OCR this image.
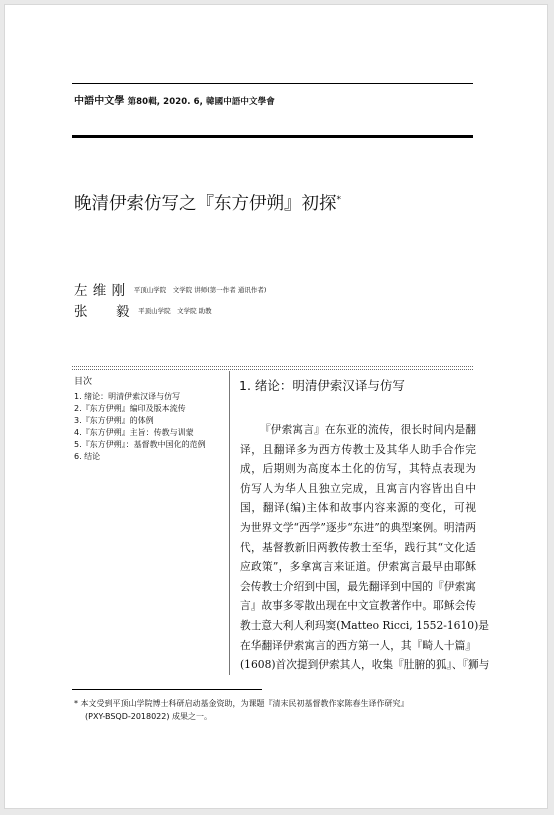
中語中文學 第80輯, 2020. 6, 韓國中語中文學會
晚清伊索仿写之『东方伊朔』初探*
左 维 刚 平顶山学院　文学院 讲师(第一作者 通讯作者)
张　　毅 平顶山学院　文学院 助教
目次
1. 绪论：明清伊索汉译与仿写
2.『东方伊朔』编印及版本流传
3.『东方伊朔』的体例
4.『东方伊朔』主旨：传教与训蒙
5.『东方伊朔』：基督教中国化的范例
6. 结论
1. 绪论：明清伊索汉译与仿写
『伊索寓言』在东亚的流传，很长时间内是翻
译，且翻译多为西方传教士及其华人助手合作完
成，后期则为高度本土化的仿写，其特点表现为
仿写人为华人且独立完成，且寓言内容皆出自中
国，翻译(编)主体和故事内容来源的变化，可视
为世界文学“西学”逐步“东进”的典型案例。明清两
代，基督教新旧两教传教士至华，践行其“文化适
应政策”，多拿寓言来证道。伊索寓言最早由耶稣
会传教士介绍到中国，最先翻译到中国的『伊索寓
言』故事多零散出现在中文宣教著作中。耶稣会传
教士意大利人利玛窦(Matteo Ricci, 1552-1610)是
在华翻译伊索寓言的西方第一人，其『畸人十篇』
(1608)首次提到伊索其人，收集『肚腑的狐』、『狮与
* 本文受到平顶山学院博士科研启动基金资助，为课题『清末民初基督教作家陈春生译作研究』
(PXY-BSQD-2018022) 成果之一。
